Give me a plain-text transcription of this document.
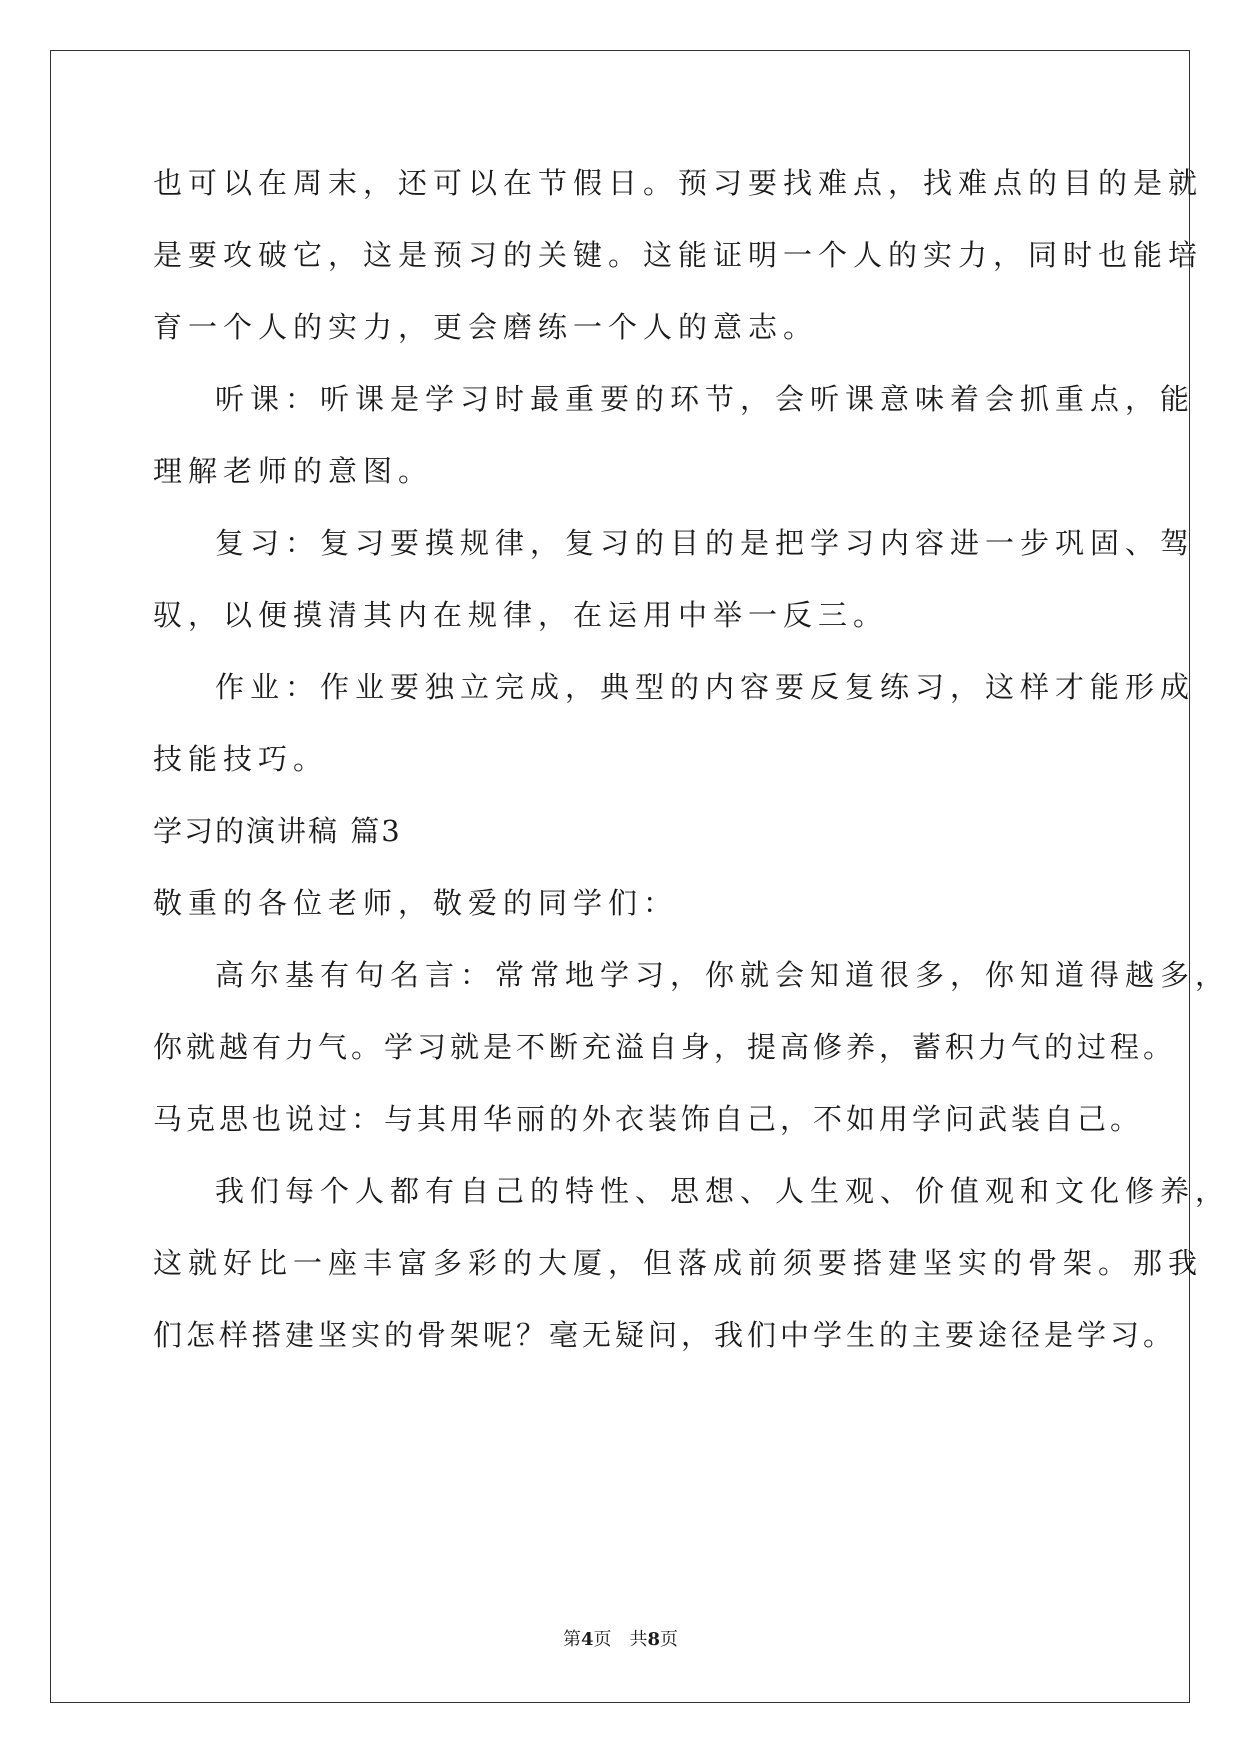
也可以在周末，还可以在节假日。预习要找难点，找难点的目的是就
是要攻破它，这是预习的关键。这能证明一个人的实力，同时也能培
育一个人的实力，更会磨练一个人的意志。
听课：听课是学习时最重要的环节，会听课意味着会抓重点，能
理解老师的意图。
复习：复习要摸规律，复习的目的是把学习内容进一步巩固、驾
驭，以便摸清其内在规律，在运用中举一反三。
作业：作业要独立完成，典型的内容要反复练习，这样才能形成
技能技巧。
学习的演讲稿 篇3
敬重的各位老师，敬爱的同学们：
高尔基有句名言：常常地学习，你就会知道很多，你知道得越多，
你就越有力气。学习就是不断充溢自身，提高修养，蓄积力气的过程。
马克思也说过：与其用华丽的外衣装饰自己，不如用学问武装自己。
我们每个人都有自己的特性、思想、人生观、价值观和文化修养，
这就好比一座丰富多彩的大厦，但落成前须要搭建坚实的骨架。那我
们怎样搭建坚实的骨架呢？毫无疑问，我们中学生的主要途径是学习。
第4页 共8页
